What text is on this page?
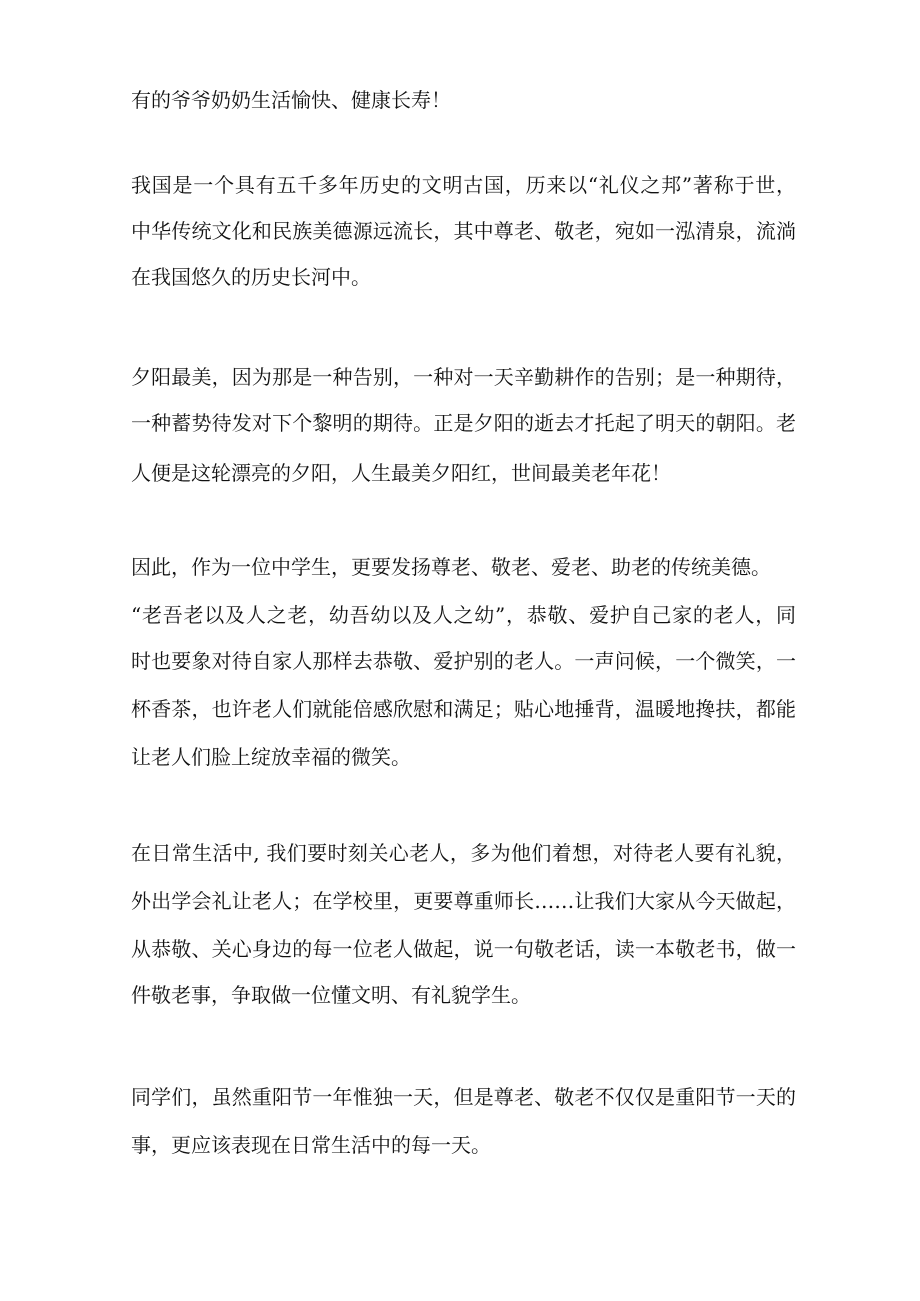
有的爷爷奶奶生活愉快、健康长寿！
我国是一个具有五千多年历史的文明古国，历来以“礼仪之邦”著称于世，
中华传统文化和民族美德源远流长，其中尊老、敬老，宛如一泓清泉，流淌
在我国悠久的历史长河中。
夕阳最美，因为那是一种告别，一种对一天辛勤耕作的告别；是一种期待，
一种蓄势待发对下个黎明的期待。正是夕阳的逝去才托起了明天的朝阳。老
人便是这轮漂亮的夕阳，人生最美夕阳红，世间最美老年花！
因此，作为一位中学生，更要发扬尊老、敬老、爱老、助老的传统美德。
“老吾老以及人之老，幼吾幼以及人之幼”，恭敬、爱护自己家的老人，同
时也要象对待自家人那样去恭敬、爱护别的老人。一声问候，一个微笑，一
杯香茶，也许老人们就能倍感欣慰和满足；贴心地捶背，温暖地搀扶，都能
让老人们脸上绽放幸福的微笑。
在日常生活中, 我们要时刻关心老人，多为他们着想，对待老人要有礼貌，
外出学会礼让老人；在学校里，更要尊重师长……让我们大家从今天做起，
从恭敬、关心身边的每一位老人做起，说一句敬老话，读一本敬老书，做一
件敬老事，争取做一位懂文明、有礼貌学生。
同学们，虽然重阳节一年惟独一天，但是尊老、敬老不仅仅是重阳节一天的
事，更应该表现在日常生活中的每一天。
